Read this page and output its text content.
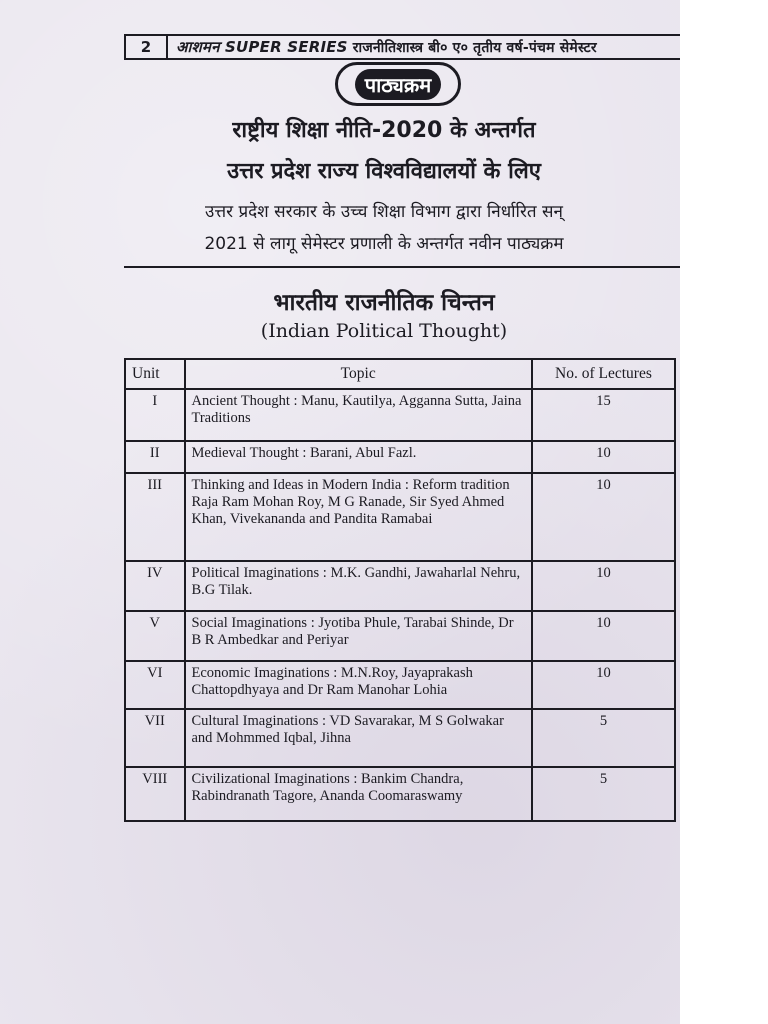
2	आशमन SUPER SERIES राजनीतिशास्त्र बी० ए० तृतीय वर्ष-पंचम सेमेस्टर
पाठ्यक्रम
राष्ट्रीय शिक्षा नीति-2020 के अन्तर्गत
उत्तर प्रदेश राज्य विश्वविद्यालयों के लिए
उत्तर प्रदेश सरकार के उच्च शिक्षा विभाग द्वारा निर्धारित सन्
2021 से लागू सेमेस्टर प्रणाली के अन्तर्गत नवीन पाठ्यक्रम
भारतीय राजनीतिक चिन्तन
(Indian Political Thought)
Unit	Topic	No. of Lectures
I	Ancient Thought : Manu, Kautilya, Agganna Sutta, Jaina Traditions	15
II	Medieval Thought : Barani, Abul Fazl.	10
III	Thinking and Ideas in Modern India : Reform tradition Raja Ram Mohan Roy, M G Ranade, Sir Syed Ahmed Khan, Vivekananda and Pandita Ramabai	10
IV	Political Imaginations : M.K. Gandhi, Jawaharlal Nehru, B.G Tilak.	10
V	Social Imaginations : Jyotiba Phule, Tarabai Shinde, Dr B R Ambedkar and Periyar	10
VI	Economic Imaginations : M.N.Roy, Jayaprakash Chattopdhyaya and Dr Ram Manohar Lohia	10
VII	Cultural Imaginations : VD Savarakar, M S Golwakar and Mohmmed Iqbal, Jihna	5
VIII	Civilizational Imaginations : Bankim Chandra, Rabindranath Tagore, Ananda Coomaraswamy	5
